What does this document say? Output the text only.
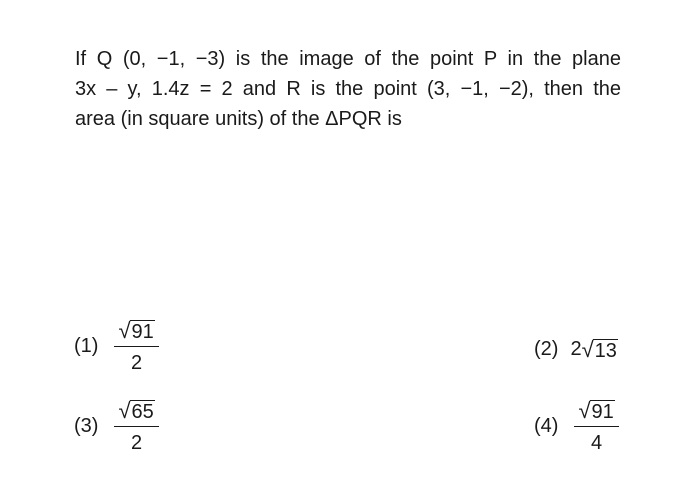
If Q (0, −1, −3) is the image of the point P in the plane
3x – y, 1.4z = 2 and R is the point (3, −1, −2), then the
area (in square units) of the ΔPQR is
$(1) \frac{√ 91}{2}$	(2) 2 √ 13
$(3) \frac{√ 65}{2}$	$(4) \frac{√ 91}{4}$
